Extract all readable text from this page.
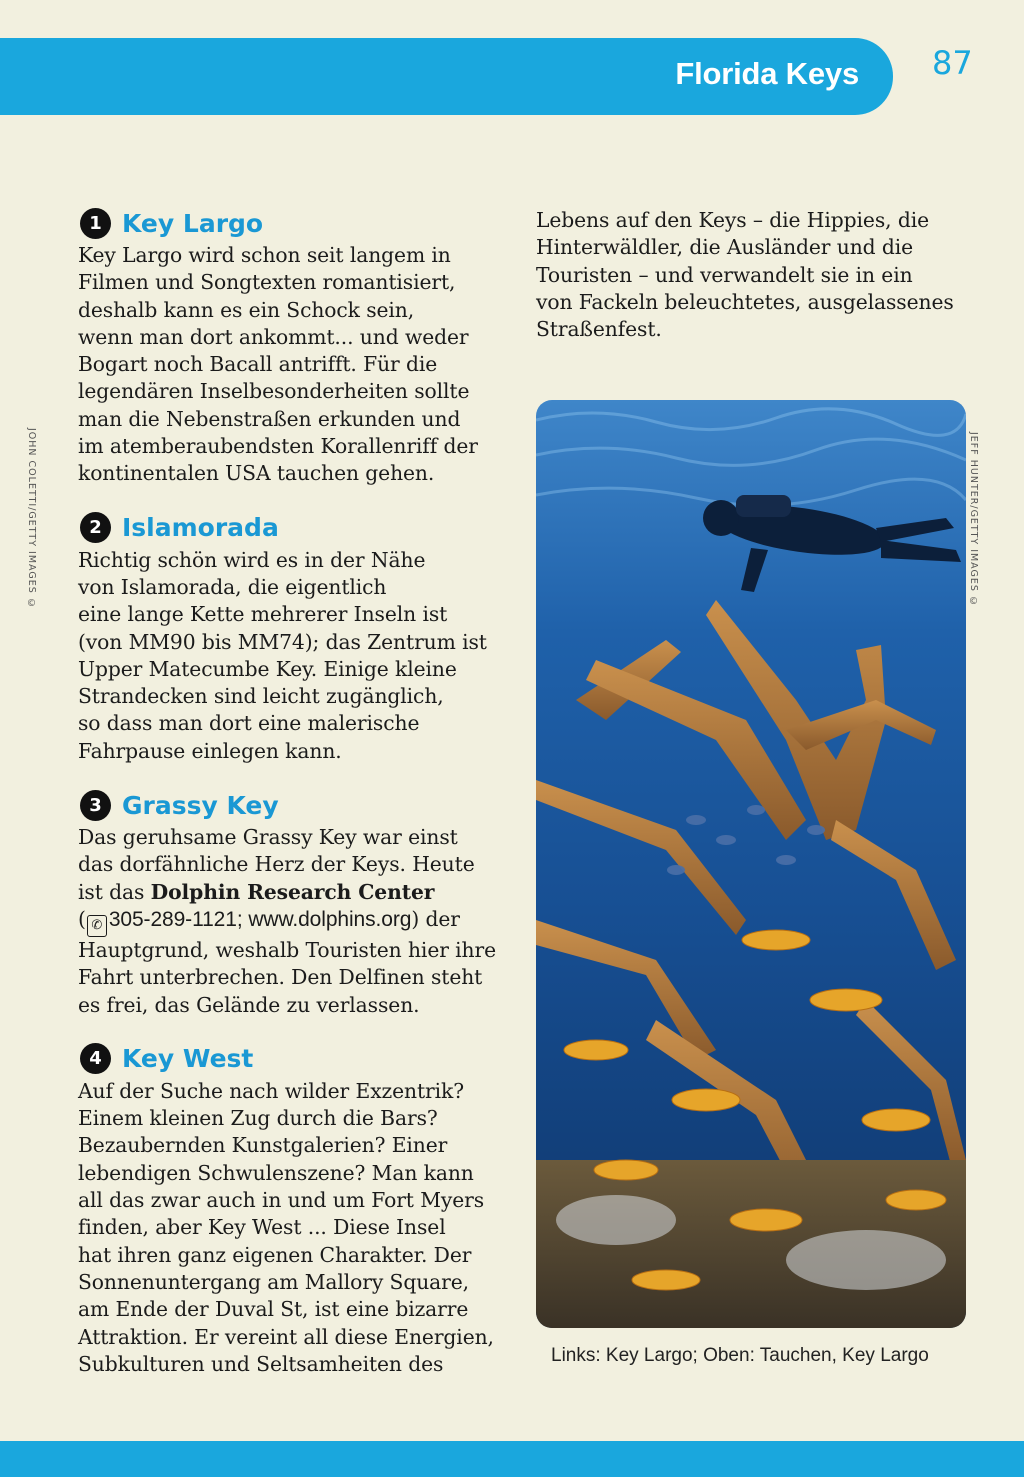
Florida Keys 87
JOHN COLETTI/GETTY IMAGES ©	JEFF HUNTER/GETTY IMAGES ©
1 Key Largo
Key Largo wird schon seit langem in
Filmen und Songtexten romantisiert,
deshalb kann es ein Schock sein,
wenn man dort ankommt... und weder
Bogart noch Bacall antrifft. Für die
legendären Inselbesonderheiten sollte
man die Nebenstraßen erkunden und
im atemberaubendsten Korallenriff der
kontinentalen USA tauchen gehen.
2 Islamorada
Richtig schön wird es in der Nähe
von Islamorada, die eigentlich
eine lange Kette mehrerer Inseln ist
(von MM90 bis MM74); das Zentrum ist
Upper Matecumbe Key. Einige kleine
Strandecken sind leicht zugänglich,
so dass man dort eine malerische
Fahrpause einlegen kann.
3 Grassy Key
Das geruhsame Grassy Key war einst
das dorfähnliche Herz der Keys. Heute
ist das Dolphin Research Center
( ✆ 305-289-1121; www.dolphins.org) der
Hauptgrund, weshalb Touristen hier ihre
Fahrt unterbrechen. Den Delfinen steht
es frei, das Gelände zu verlassen.
4 Key West
Auf der Suche nach wilder Exzentrik?
Einem kleinen Zug durch die Bars?
Bezaubernden Kunstgalerien? Einer
lebendigen Schwulenszene? Man kann
all das zwar auch in und um Fort Myers
finden, aber Key West ... Diese Insel
hat ihren ganz eigenen Charakter. Der
Sonnenuntergang am Mallory Square,
am Ende der Duval St, ist eine bizarre
Attraktion. Er vereint all diese Energien,
Subkulturen und Seltsamheiten des
Lebens auf den Keys – die Hippies, die
Hinterwäldler, die Ausländer und die
Touristen – und verwandelt sie in ein
von Fackeln beleuchtetes, ausgelassenes
Straßenfest.
Links: Key Largo; Oben: Tauchen, Key Largo
